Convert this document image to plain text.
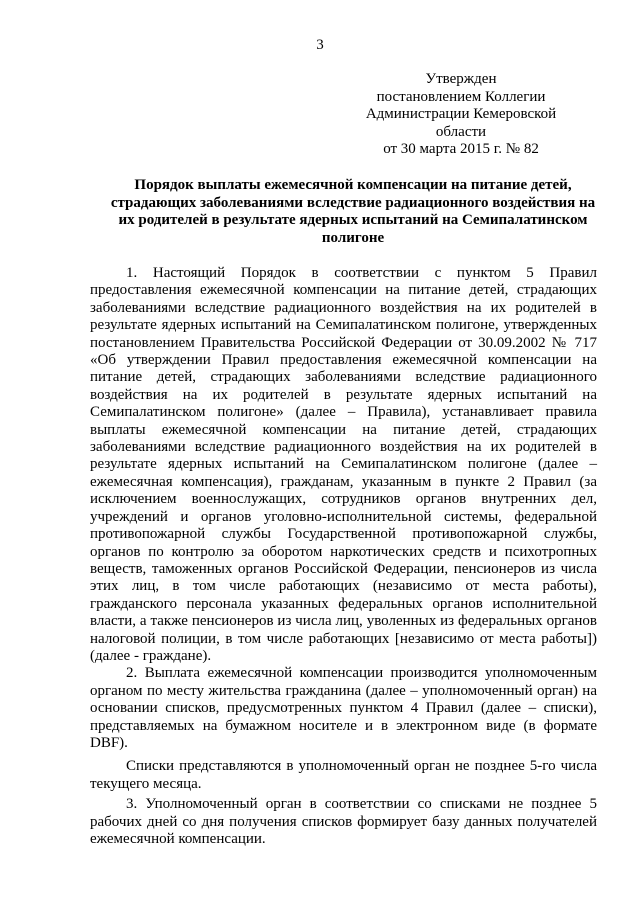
3
Утвержден
постановлением Коллегии
Администрации Кемеровской области
от 30 марта 2015 г. № 82
Порядок выплаты ежемесячной компенсации на питание детей, страдающих заболеваниями вследствие радиационного воздействия на их родителей в результате ядерных испытаний на Семипалатинском полигоне

1. Настоящий Порядок в соответствии с пунктом 5 Правил предоставления ежемесячной компенсации на питание детей, страдающих заболеваниями вследствие радиационного воздействия на их родителей в результате ядерных испытаний на Семипалатинском полигоне, утвержденных постановлением Правительства Российской Федерации от 30.09.2002 № 717 «Об утверждении Правил предоставления ежемесячной компенсации на питание детей, страдающих заболеваниями вследствие радиационного воздействия на их родителей в результате ядерных испытаний на Семипалатинском полигоне» (далее – Правила), устанавливает правила выплаты ежемесячной компенсации на питание детей, страдающих заболеваниями вследствие радиационного воздействия на их родителей в результате ядерных испытаний на Семипалатинском полигоне (далее – ежемесячная компенсация), гражданам, указанным в пункте 2 Правил (за исключением военнослужащих, сотрудников органов внутренних дел, учреждений и органов уголовно-исполнительной системы, федеральной противопожарной службы Государственной противопожарной службы, органов по контролю за оборотом наркотических средств и психотропных веществ, таможенных органов Российской Федерации, пенсионеров из числа этих лиц, в том числе работающих (независимо от места работы), гражданского персонала указанных федеральных органов исполнительной власти, а также пенсионеров из числа лиц, уволенных из федеральных органов налоговой полиции, в том числе работающих [независимо от места работы]) (далее - граждане).

2. Выплата ежемесячной компенсации производится уполномоченным органом по месту жительства гражданина (далее – уполномоченный орган) на основании списков, предусмотренных пунктом 4 Правил (далее – списки), представляемых на бумажном носителе и в электронном виде (в формате DBF).

Списки представляются в уполномоченный орган не позднее 5-го числа текущего месяца.

3. Уполномоченный орган в соответствии со списками не позднее 5 рабочих дней со дня получения списков формирует базу данных получателей ежемесячной компенсации.
